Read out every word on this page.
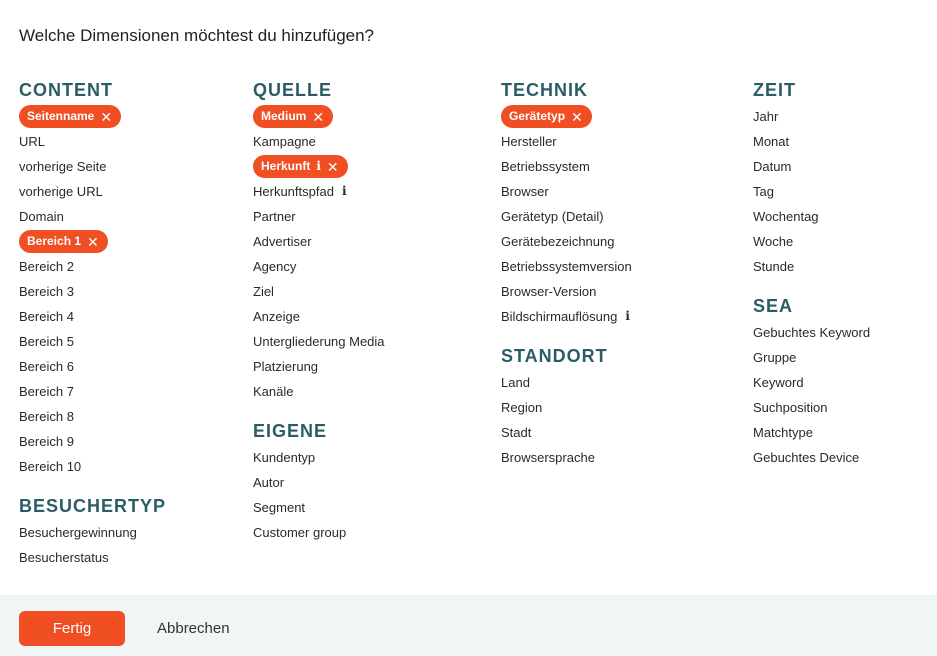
Welche Dimensionen möchtest du hinzufügen?
CONTENT
Seitenname ✕
URL
vorherige Seite
vorherige URL
Domain
Bereich 1 ✕
Bereich 2
Bereich 3
Bereich 4
Bereich 5
Bereich 6
Bereich 7
Bereich 8
Bereich 9
Bereich 10
BESUCHERTYP
Besuchergewinnung
Besucherstatus
QUELLE
Medium ✕
Kampagne
Herkunft i ✕
Herkunftspfad i
Partner
Advertiser
Agency
Ziel
Anzeige
Untergliederung Media
Platzierung
Kanäle
EIGENE
Kundentyp
Autor
Segment
Customer group
TECHNIK
Gerätetyp ✕
Hersteller
Betriebssystem
Browser
Gerätetyp (Detail)
Gerätebezeichnung
Betriebssystemversion
Browser-Version
Bildschirmauflösung i
STANDORT
Land
Region
Stadt
Browsersprache
ZEIT
Jahr
Monat
Datum
Tag
Wochentag
Woche
Stunde
SEA
Gebuchtes Keyword
Gruppe
Keyword
Suchposition
Matchtype
Gebuchtes Device
Fertig	Abbrechen
